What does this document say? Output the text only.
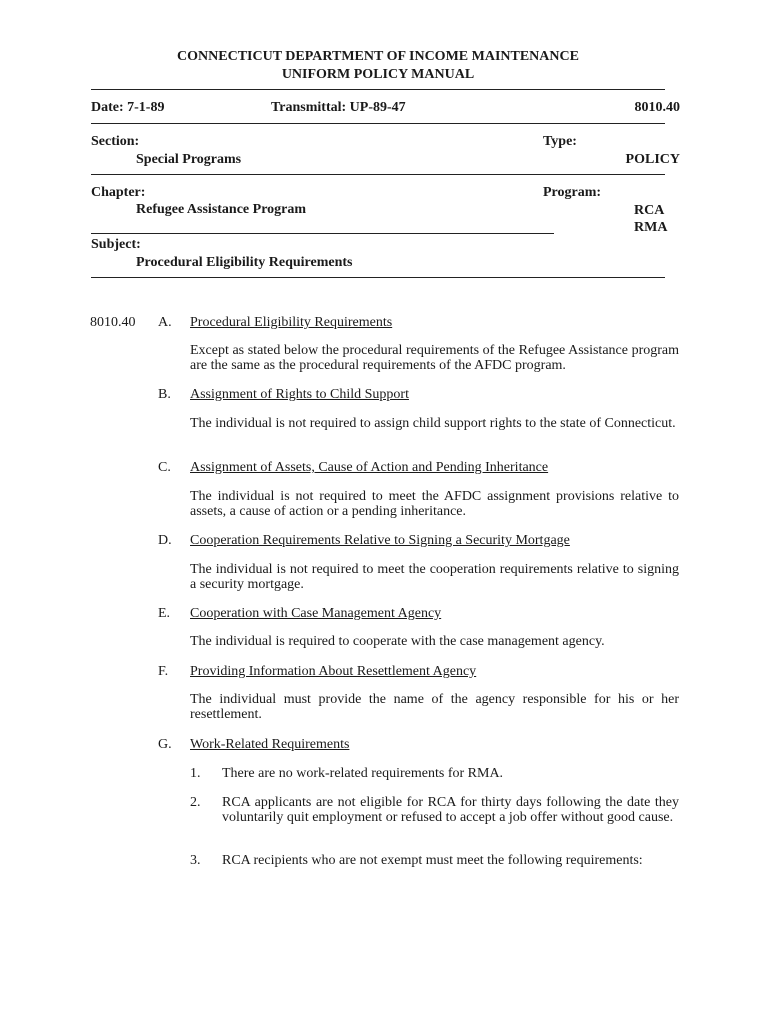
CONNECTICUT DEPARTMENT OF INCOME MAINTENANCE
UNIFORM POLICY MANUAL
Date: 7-1-89	Transmittal: UP-89-47	8010.40
Section:
Special Programs
Type:
POLICY
Chapter:
Refugee Assistance Program
Program:
RCA
RMA
Subject:
Procedural Eligibility Requirements
8010.40 A. Procedural Eligibility Requirements
Except as stated below the procedural requirements of the Refugee Assistance program are the same as the procedural requirements of the AFDC program.
B. Assignment of Rights to Child Support
The individual is not required to assign child support rights to the state of Connecticut.
C. Assignment of Assets, Cause of Action and Pending Inheritance
The individual is not required to meet the AFDC assignment provisions relative to assets, a cause of action or a pending inheritance.
D. Cooperation Requirements Relative to Signing a Security Mortgage
The individual is not required to meet the cooperation requirements relative to signing a security mortgage.
E. Cooperation with Case Management Agency
The individual is required to cooperate with the case management agency.
F. Providing Information About Resettlement Agency
The individual must provide the name of the agency responsible for his or her resettlement.
G. Work-Related Requirements
1. There are no work-related requirements for RMA.
2. RCA applicants are not eligible for RCA for thirty days following the date they voluntarily quit employment or refused to accept a job offer without good cause.
3. RCA recipients who are not exempt must meet the following requirements:
